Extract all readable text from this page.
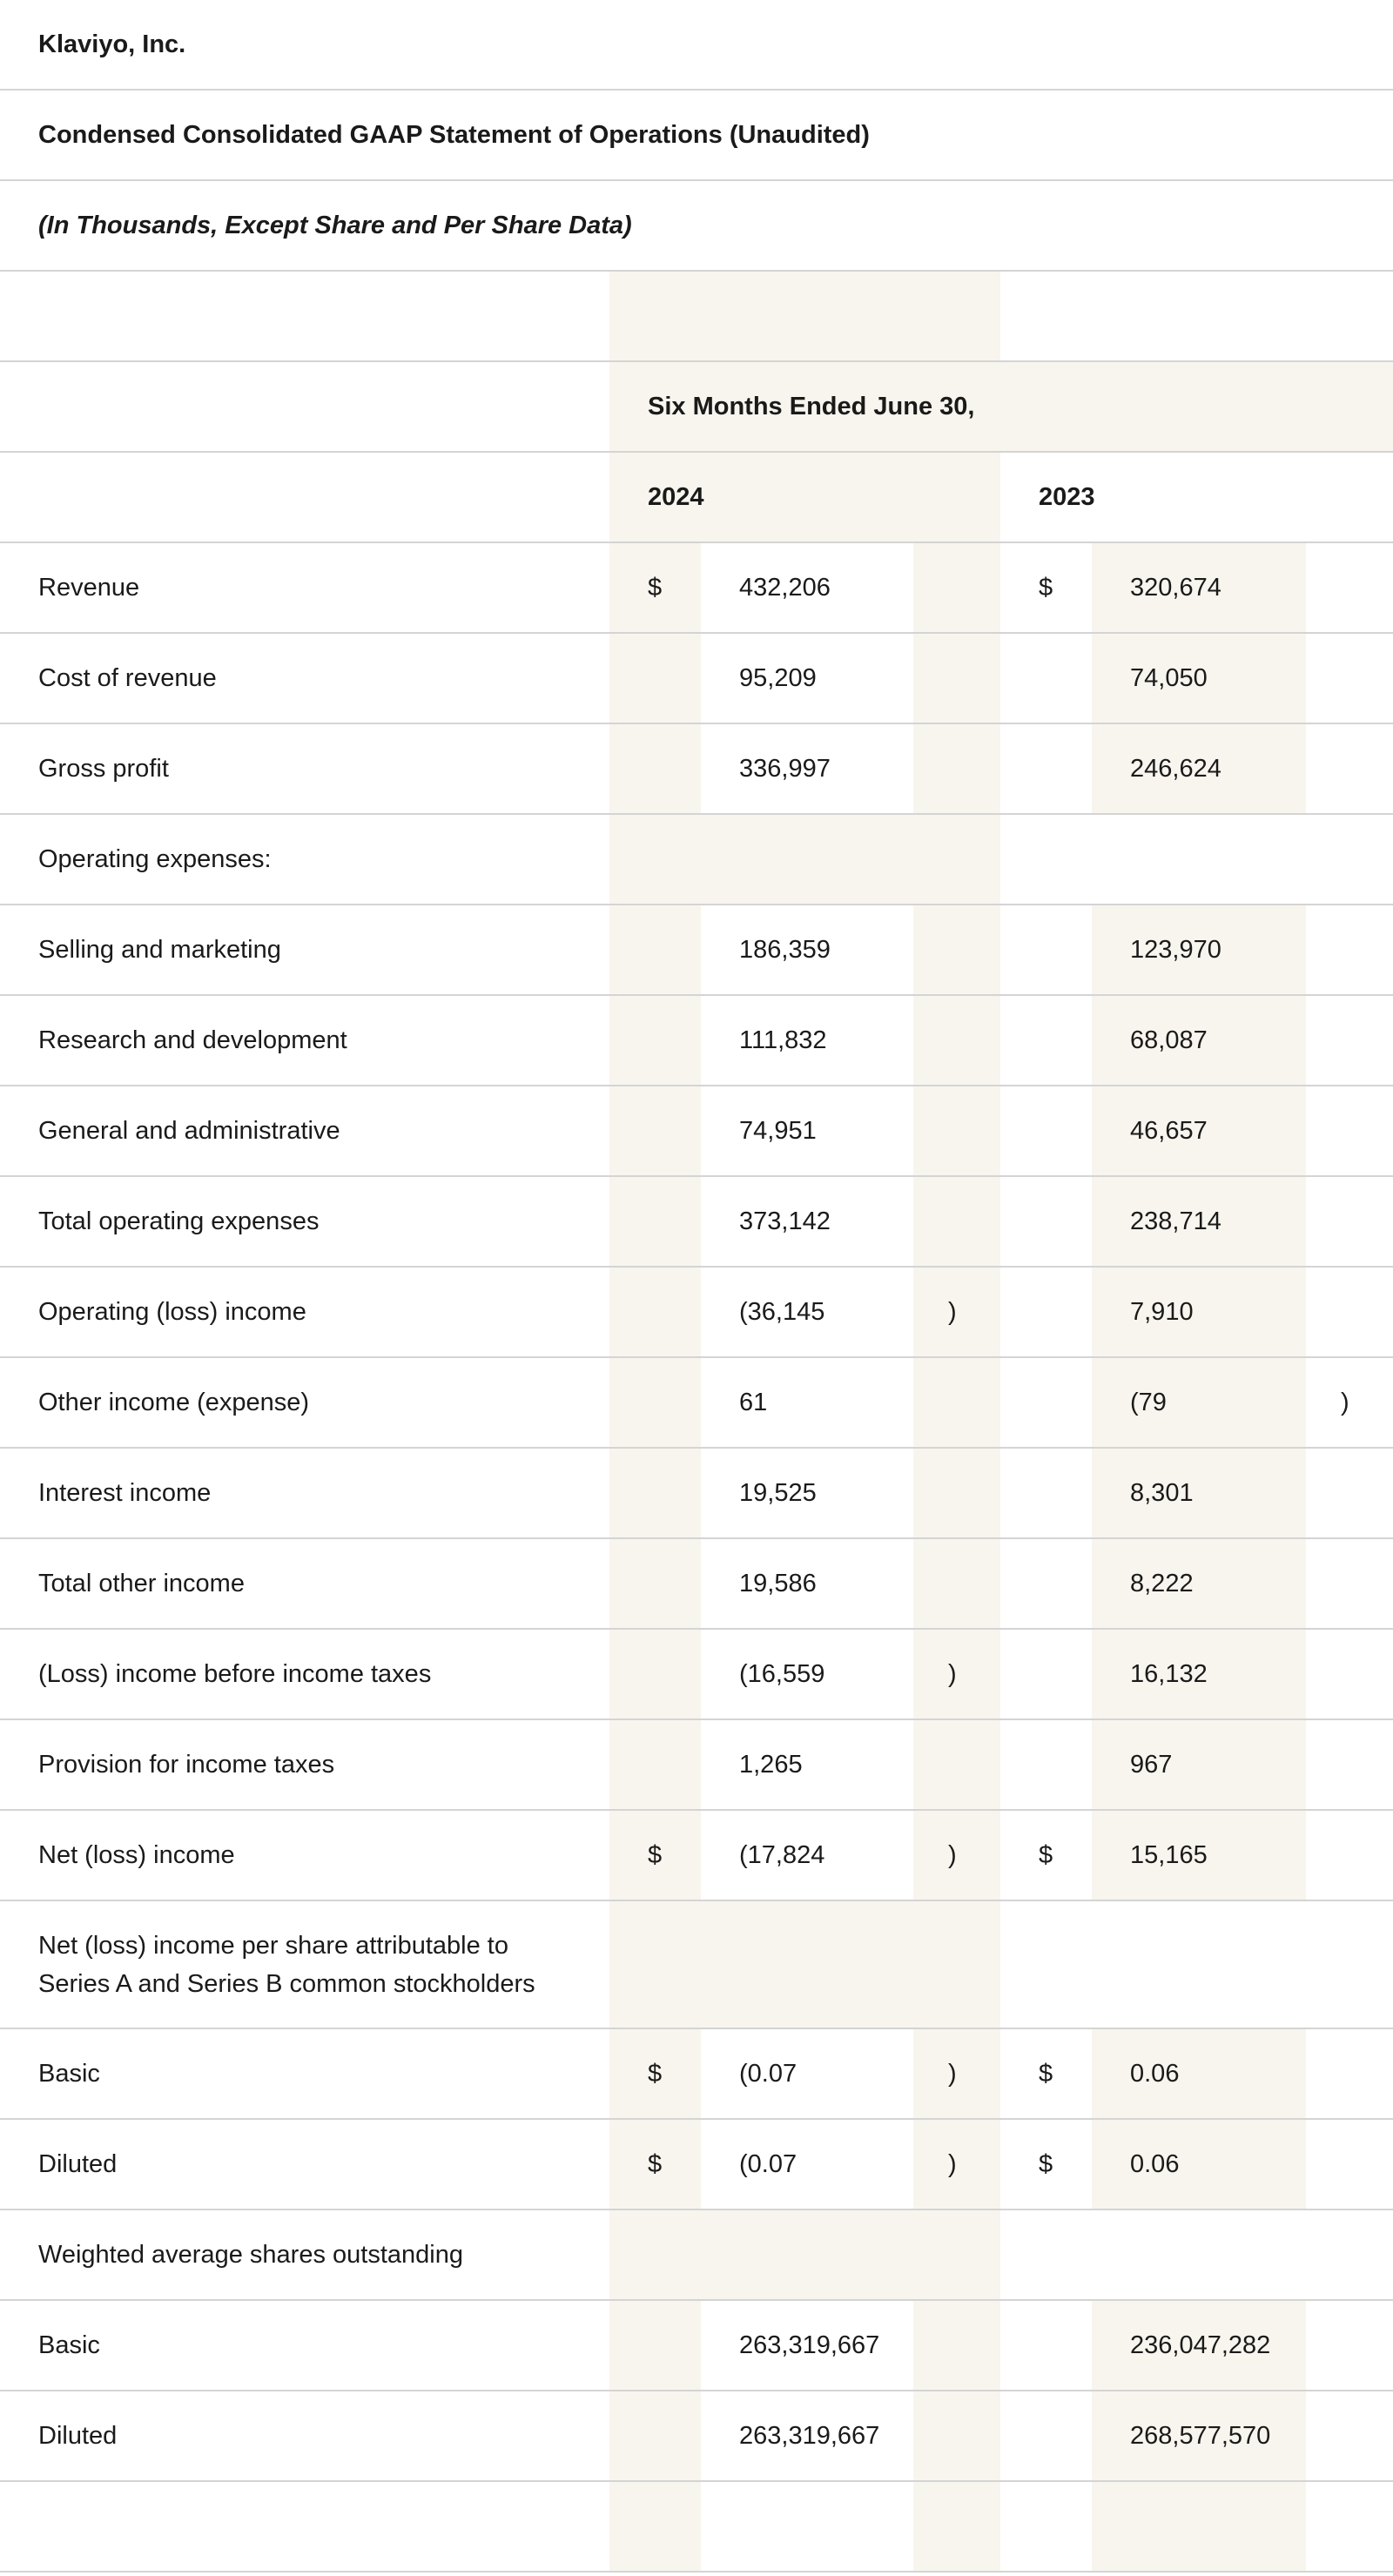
Klaviyo, Inc.						
Condensed Consolidated GAAP Statement of Operations (Unaudited)						
(In Thousands, Except Share and Per Share Data)						

	Six Months Ended June 30,					
	2024			2023		
Revenue	$	432,206		$	320,674	
Cost of revenue		95,209			74,050	
Gross profit		336,997			246,624	
Operating expenses:						
Selling and marketing		186,359			123,970	
Research and development		111,832			68,087	
General and administrative		74,951			46,657	
Total operating expenses		373,142			238,714	
Operating (loss) income		(36,145	)		7,910	
Other income (expense)		61			(79	)
Interest income		19,525			8,301	
Total other income		19,586			8,222	
(Loss) income before income taxes		(16,559	)		16,132	
Provision for income taxes		1,265			967	
Net (loss) income	$	(17,824	)	$	15,165	
Net (loss) income per share attributable to Series A and Series B common stockholders						
Basic	$	(0.07	)	$	0.06	
Diluted	$	(0.07	)	$	0.06	
Weighted average shares outstanding						
Basic		263,319,667			236,047,282	
Diluted		263,319,667			268,577,570	
